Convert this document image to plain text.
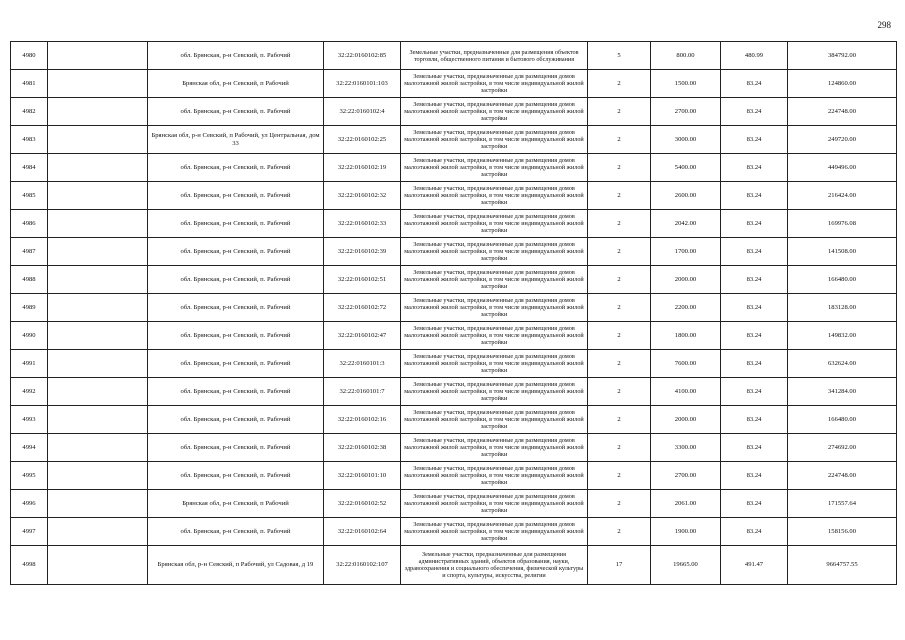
298
4980		обл. Брянская, р-н Севский, п. Рабочий	32:22:0160102:85	Земельные участки, предназначенные для размещения объектов торговли, общественного питания и бытового обслуживания	5	800.00	480.99	384792.00
4981		Брянская обл, р-н Севский, п Рабочий	32:22:0160101:103	Земельные участки, предназначенные для размещения домов малоэтажной жилой застройки, в том числе индивидуальной жилой застройки	2	1500.00	83.24	124860.00
4982		обл. Брянская, р-н Севский, п. Рабочий	32:22:0160102:4	Земельные участки, предназначенные для размещения домов малоэтажной жилой застройки, в том числе индивидуальной жилой застройки	2	2700.00	83.24	224748.00
4983		Брянская обл, р-н Севский, п Рабочий, ул Центральная, дом 33	32:22:0160102:25	Земельные участки, предназначенные для размещения домов малоэтажной жилой застройки, в том числе индивидуальной жилой застройки	2	3000.00	83.24	249720.00
4984		обл. Брянская, р-н Севский, п. Рабочий	32:22:0160102:19	Земельные участки, предназначенные для размещения домов малоэтажной жилой застройки, в том числе индивидуальной жилой застройки	2	5400.00	83.24	449496.00
4985		обл. Брянская, р-н Севский, п. Рабочий	32:22:0160102:32	Земельные участки, предназначенные для размещения домов малоэтажной жилой застройки, в том числе индивидуальной жилой застройки	2	2600.00	83.24	216424.00
4986		обл. Брянская, р-н Севский, п. Рабочий	32:22:0160102:33	Земельные участки, предназначенные для размещения домов малоэтажной жилой застройки, в том числе индивидуальной жилой застройки	2	2042.00	83.24	169976.08
4987		обл. Брянская, р-н Севский, п. Рабочий	32:22:0160102:39	Земельные участки, предназначенные для размещения домов малоэтажной жилой застройки, в том числе индивидуальной жилой застройки	2	1700.00	83.24	141508.00
4988		обл. Брянская, р-н Севский, п. Рабочий	32:22:0160102:51	Земельные участки, предназначенные для размещения домов малоэтажной жилой застройки, в том числе индивидуальной жилой застройки	2	2000.00	83.24	166480.00
4989		обл. Брянская, р-н Севский, п. Рабочий	32:22:0160102:72	Земельные участки, предназначенные для размещения домов малоэтажной жилой застройки, в том числе индивидуальной жилой застройки	2	2200.00	83.24	183128.00
4990		обл. Брянская, р-н Севский, п. Рабочий	32:22:0160102:47	Земельные участки, предназначенные для размещения домов малоэтажной жилой застройки, в том числе индивидуальной жилой застройки	2	1800.00	83.24	149832.00
4991		обл. Брянская, р-н Севский, п. Рабочий	32:22:0160101:3	Земельные участки, предназначенные для размещения домов малоэтажной жилой застройки, в том числе индивидуальной жилой застройки	2	7600.00	83.24	632624.00
4992		обл. Брянская, р-н Севский, п. Рабочий	32:22:0160101:7	Земельные участки, предназначенные для размещения домов малоэтажной жилой застройки, в том числе индивидуальной жилой застройки	2	4100.00	83.24	341284.00
4993		обл. Брянская, р-н Севский, п. Рабочий	32:22:0160102:16	Земельные участки, предназначенные для размещения домов малоэтажной жилой застройки, в том числе индивидуальной жилой застройки	2	2000.00	83.24	166480.00
4994		обл. Брянская, р-н Севский, п. Рабочий	32:22:0160102:38	Земельные участки, предназначенные для размещения домов малоэтажной жилой застройки, в том числе индивидуальной жилой застройки	2	3300.00	83.24	274692.00
4995		обл. Брянская, р-н Севский, п. Рабочий	32:22:0160101:10	Земельные участки, предназначенные для размещения домов малоэтажной жилой застройки, в том числе индивидуальной жилой застройки	2	2700.00	83.24	224748.00
4996		Брянская обл, р-н Севский, п Рабочий	32:22:0160102:52	Земельные участки, предназначенные для размещения домов малоэтажной жилой застройки, в том числе индивидуальной жилой застройки	2	2061.00	83.24	171557.64
4997		обл. Брянская, р-н Севский, п. Рабочий	32:22:0160102:64	Земельные участки, предназначенные для размещения домов малоэтажной жилой застройки, в том числе индивидуальной жилой застройки	2	1900.00	83.24	158156.00
4998		Брянская обл, р-н Севский, п Рабочий, ул Садовая, д 19	32:22:0160102:107	Земельные участки, предназначенные для размещения административных зданий, объектов образования, науки, здравоохранения и социального обеспечения, физической культуры и спорта, культуры, искусства, религии	17	19665.00	491.47	9664757.55
